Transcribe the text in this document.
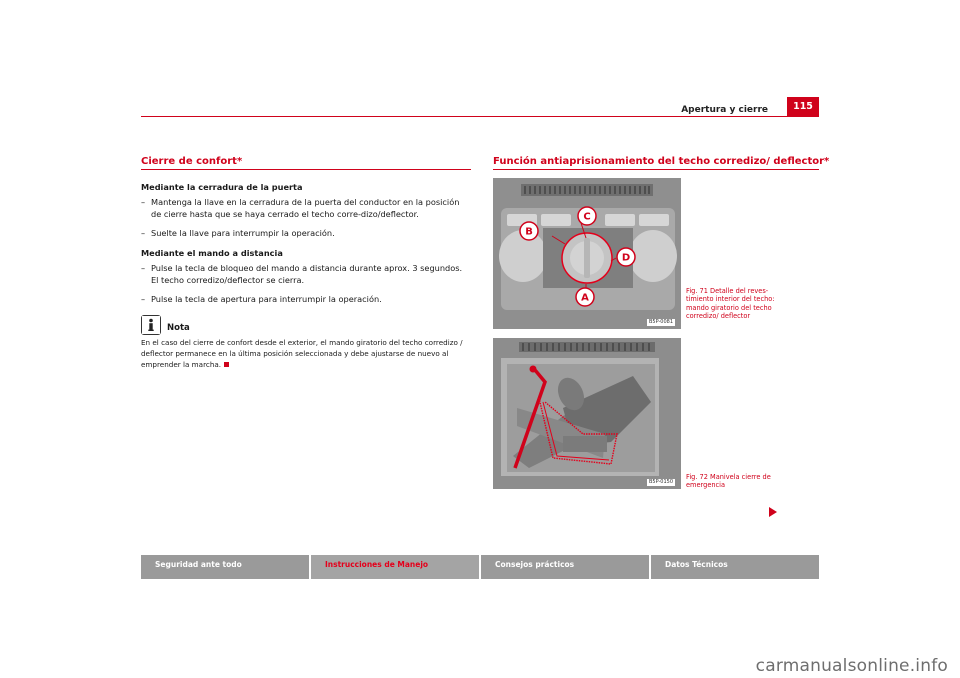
Apertura y cierre	115
Cierre de confort*
Mediante la cerradura de la puerta
– Mantenga la llave en la cerradura de la puerta del conductor en la posición de cierre hasta que se haya cerrado el techo corre-dizo/deflector.
– Suelte la llave para interrumpir la operación.
Mediante el mando a distancia
– Pulse la tecla de bloqueo del mando a distancia durante aprox. 3 segundos. El techo corredizo/deflector se cierra.
– Pulse la tecla de apertura para interrumpir la operación.
Nota
En el caso del cierre de confort desde el exterior, el mando giratorio del techo corredizo / deflector permanece en la última posición seleccionada y debe ajustarse de nuevo al emprender la marcha.
Función antiaprisionamiento del techo corredizo/ deflector*
A
B
C
D
B5P-0081
Fig. 71 Detalle del reves-timiento interior del techo: mando giratorio del techo corredizo/ deflector
B5P-0150
Fig. 72 Manivela cierre de emergencia
Seguridad ante todo	Instrucciones de Manejo	Consejos prácticos	Datos Técnicos
carmanualsonline.info
